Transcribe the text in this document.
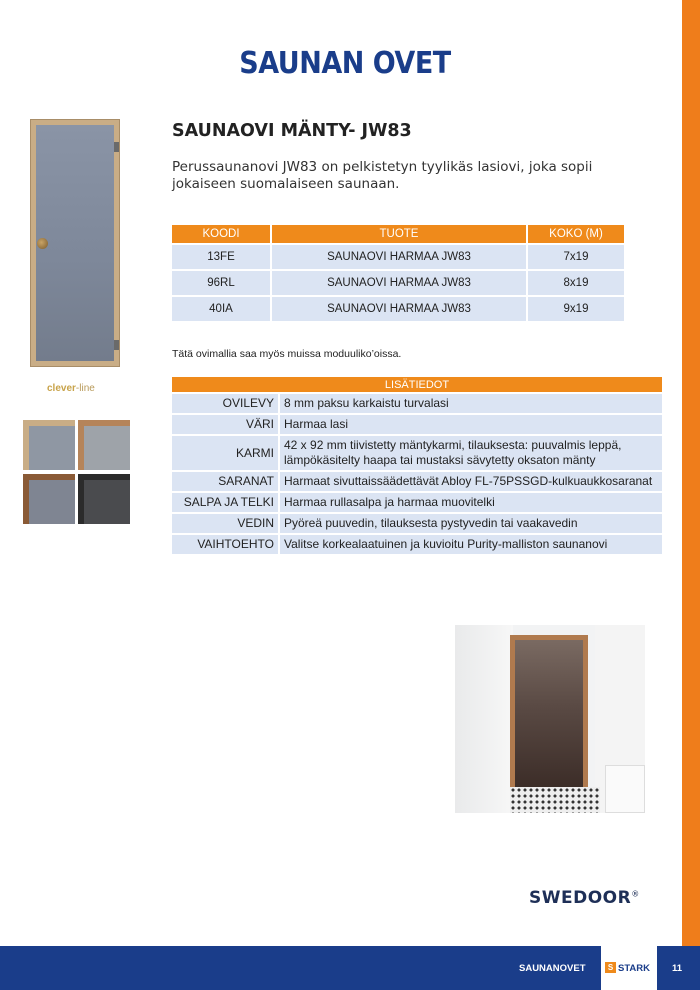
SAUNAN OVET
clever-line
SAUNAOVI MÄNTY- JW83

Perussaunanovi JW83 on pelkistetyn tyylikäs lasiovi, joka sopii jokaiseen suomalaiseen saunaan.

KOODI	TUOTE	KOKO (M)
13FE	SAUNAOVI HARMAA JW83	7x19
96RL	SAUNAOVI HARMAA JW83	8x19
40IA	SAUNAOVI HARMAA JW83	9x19

Tätä ovimallia saa myös muissa moduuliko’oissa.

LISÄTIEDOT	
OVILEVY	8 mm paksu karkaistu turvalasi
VÄRI	Harmaa lasi
KARMI	42 x 92 mm tiivistetty mäntykarmi, tilauksesta: puuvalmis leppä, lämpökäsitelty haapa tai mustaksi sävytetty oksaton mänty
SARANAT	Harmaat sivuttaissäädettävät Abloy FL-75PSSGD-kulkuaukkosaranat
SALPA JA TELKI	Harmaa rullasalpa ja harmaa muovitelki
VEDIN	Pyöreä puuvedin, tilauksesta pystyvedin tai vaakavedin
VAIHTOEHTO	Valitse korkealaatuinen ja kuvioitu Purity-malliston saunanovi
SWEDOOR®
SAUNANOVET	S STARK 11
